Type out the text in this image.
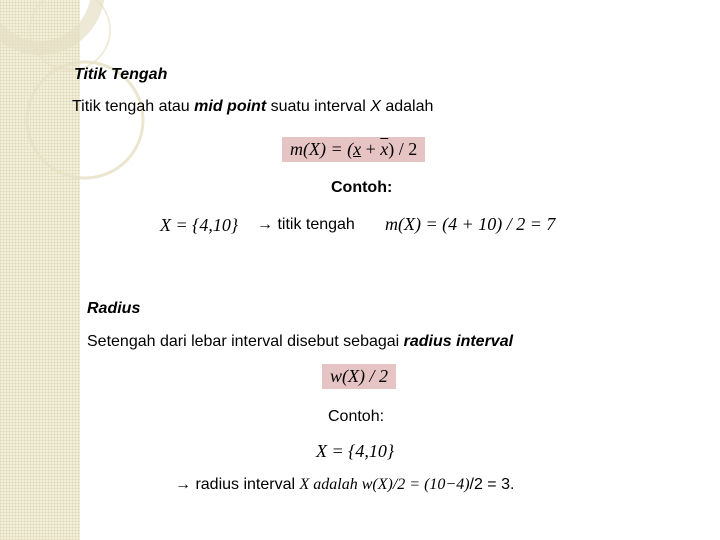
Titik Tengah
Titik tengah atau mid point suatu interval X adalah
$m(X) = (x + \overline{x}) / 2$
Contoh:
X = {4,10} → titik tengah m(X) = (4 + 10) / 2 = 7
Radius
Setengah dari lebar interval disebut sebagai radius interval
w(X) / 2
Contoh:
X = {4,10}
→ radius interval X adalah w(X)/2 = (10−4)/2 = 3.
